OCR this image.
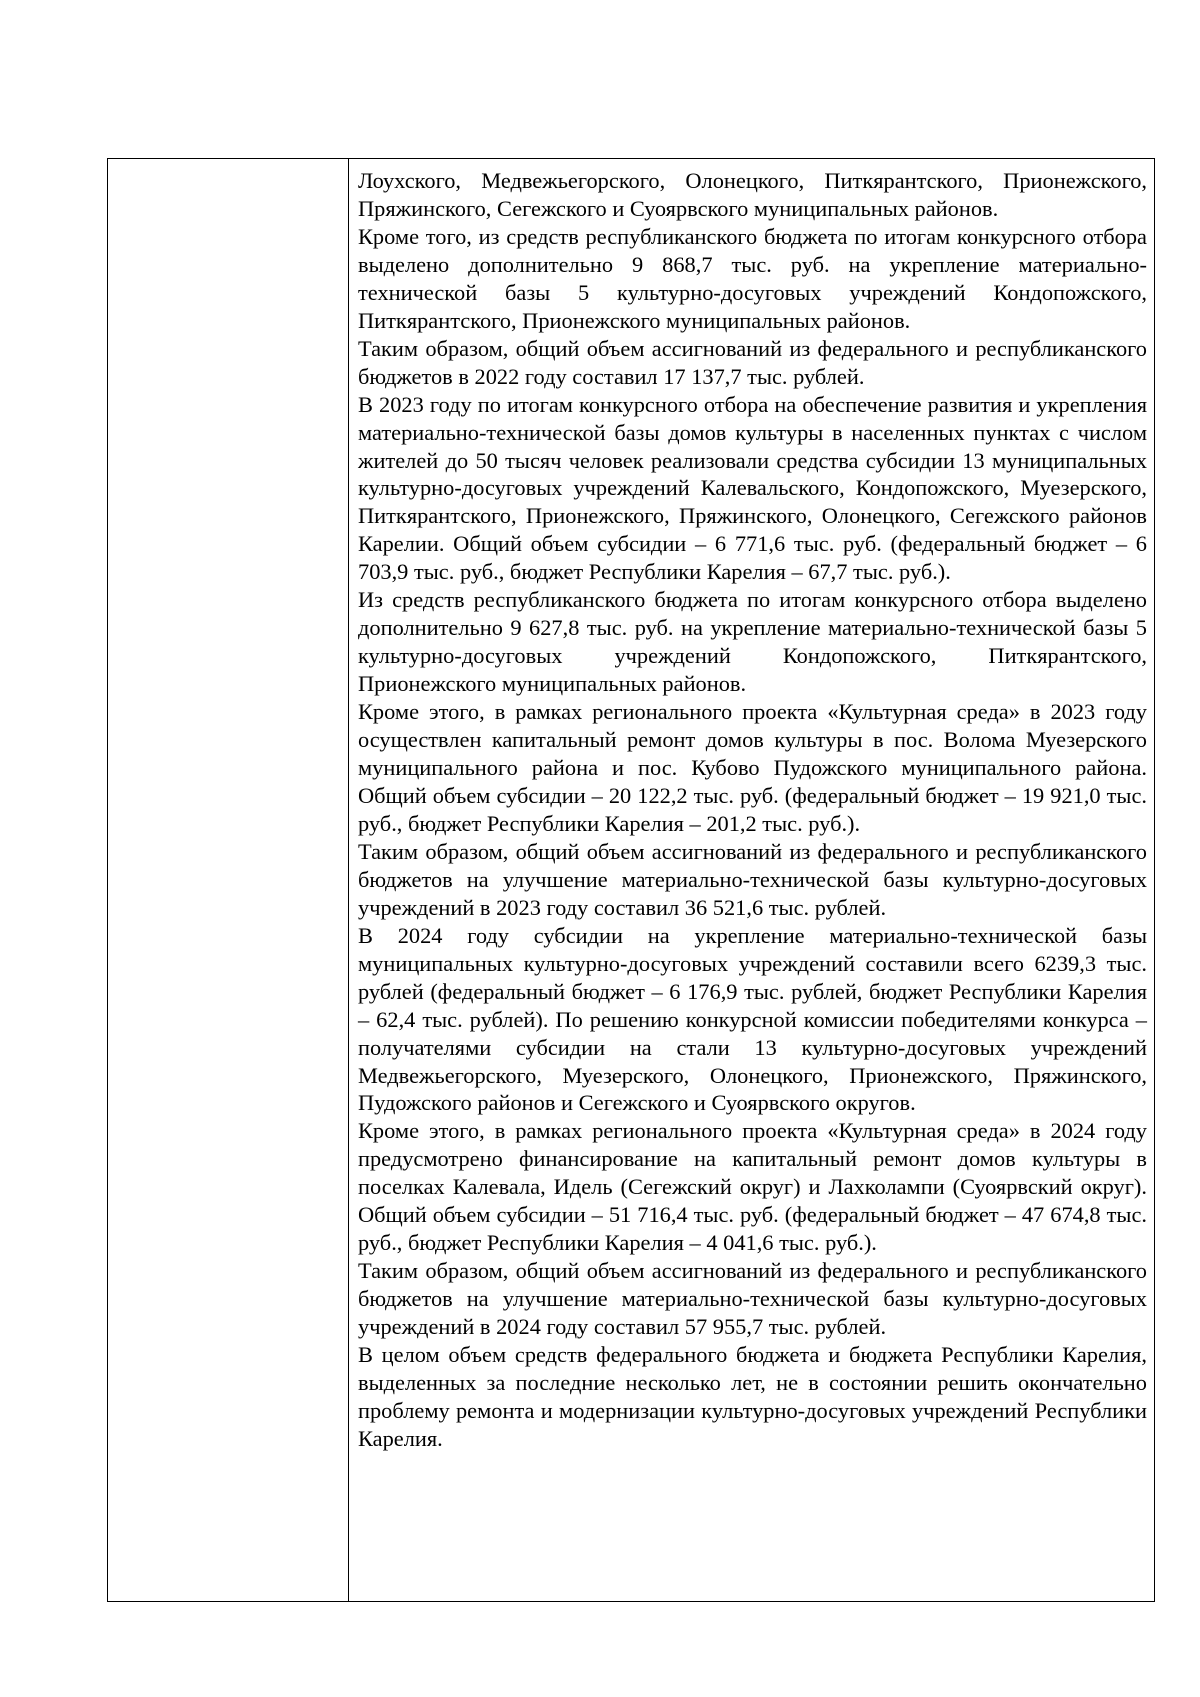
Лоухского, Медвежьегорского, Олонецкого, Питкярантского, Прионежского, Пряжинского, Сегежского и Суоярвского муниципальных районов.

Кроме того, из средств республиканского бюджета по итогам конкурсного отбора выделено дополнительно 9 868,7 тыс. руб. на укрепление материально-технической базы 5 культурно-досуговых учреждений Кондопожского, Питкярантского, Прионежского муниципальных районов.

Таким образом, общий объем ассигнований из федерального и республиканского бюджетов в 2022 году составил 17 137,7 тыс. рублей.

В 2023 году по итогам конкурсного отбора на обеспечение развития и укрепления материально-технической базы домов культуры в населенных пунктах с числом жителей до 50 тысяч человек реализовали средства субсидии 13 муниципальных культурно-досуговых учреждений Калевальского, Кондопожского, Муезерского, Питкярантского, Прионежского, Пряжинского, Олонецкого, Сегежского районов Карелии. Общий объем субсидии – 6 771,6 тыс. руб. (федеральный бюджет – 6 703,9 тыс. руб., бюджет Республики Карелия – 67,7 тыс. руб.).

Из средств республиканского бюджета по итогам конкурсного отбора выделено дополнительно 9 627,8 тыс. руб. на укрепление материально-технической базы 5 культурно-досуговых учреждений Кондопожского, Питкярантского, Прионежского муниципальных районов.

Кроме этого, в рамках регионального проекта «Культурная среда» в 2023 году осуществлен капитальный ремонт домов культуры в пос. Волома Муезерского муниципального района и пос. Кубово Пудожского муниципального района. Общий объем субсидии – 20 122,2 тыс. руб. (федеральный бюджет – 19 921,0 тыс. руб., бюджет Республики Карелия – 201,2 тыс. руб.).

Таким образом, общий объем ассигнований из федерального и республиканского бюджетов на улучшение материально-технической базы культурно-досуговых учреждений в 2023 году составил 36 521,6 тыс. рублей.

В 2024 году субсидии на укрепление материально-технической базы муниципальных культурно-досуговых учреждений составили всего 6239,3 тыс. рублей (федеральный бюджет – 6 176,9 тыс. рублей, бюджет Республики Карелия – 62,4 тыс. рублей). По решению конкурсной комиссии победителями конкурса – получателями субсидии на стали 13 культурно-досуговых учреждений Медвежьегорского, Муезерского, Олонецкого, Прионежского, Пряжинского, Пудожского районов и Сегежского и Суоярвского округов.

Кроме этого, в рамках регионального проекта «Культурная среда» в 2024 году предусмотрено финансирование на капитальный ремонт домов культуры в поселках Калевала, Идель (Сегежский округ) и Лахколампи (Суоярвский округ). Общий объем субсидии – 51 716,4 тыс. руб. (федеральный бюджет – 47 674,8 тыс. руб., бюджет Республики Карелия – 4 041,6 тыс. руб.).

Таким образом, общий объем ассигнований из федерального и республиканского бюджетов на улучшение материально-технической базы культурно-досуговых учреждений в 2024 году составил 57 955,7 тыс. рублей.

В целом объем средств федерального бюджета и бюджета Республики Карелия, выделенных за последние несколько лет, не в состоянии решить окончательно проблему ремонта и модернизации культурно-досуговых учреждений Республики Карелия.
